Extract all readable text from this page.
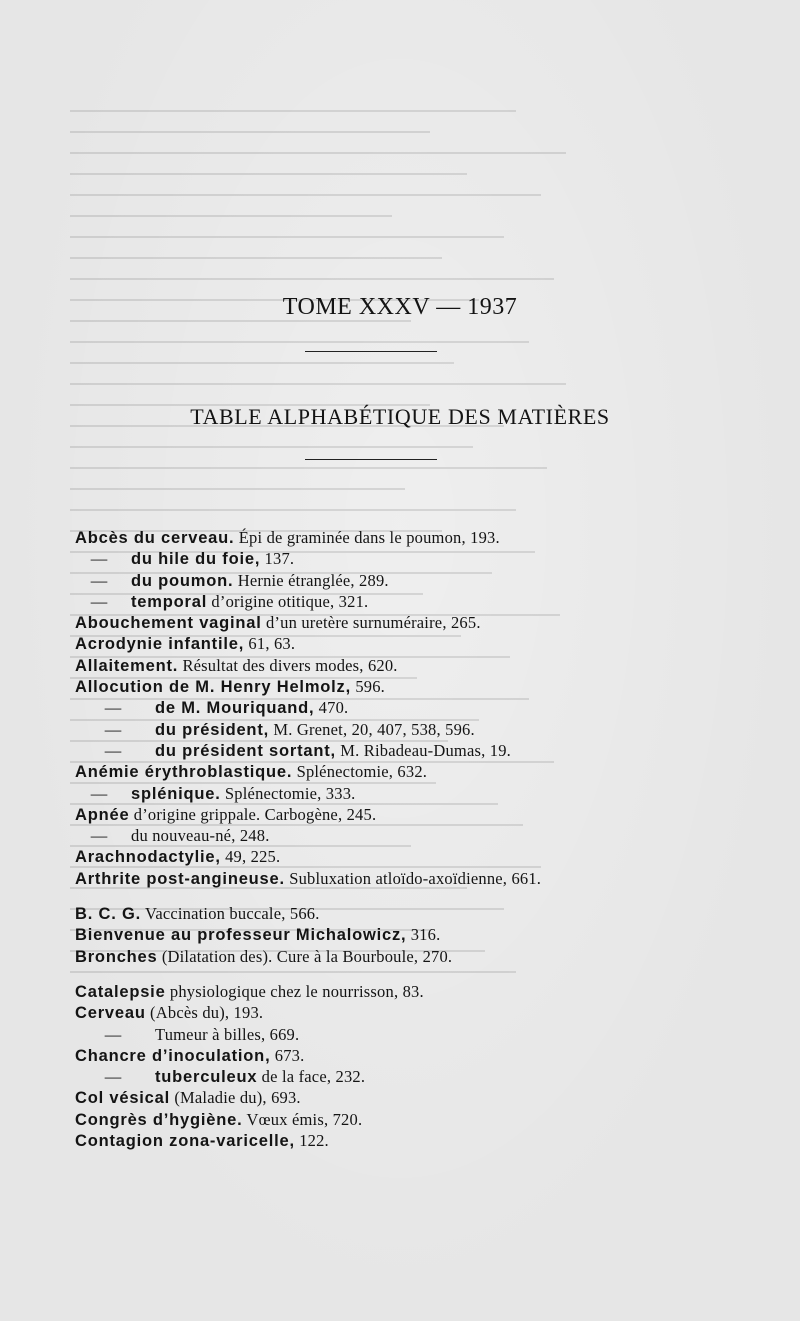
TOME XXXV — 1937
TABLE ALPHABÉTIQUE DES MATIÈRES
Abcès du cerveau. Épi de graminée dans le poumon, 193.
— du hile du foie, 137.
— du poumon. Hernie étranglée, 289.
— temporal d’origine otitique, 321.
Abouchement vaginal d’un uretère surnuméraire, 265.
Acrodynie infantile, 61, 63.
Allaitement. Résultat des divers modes, 620.
Allocution de M. Henry Helmolz, 596.
— de M. Mouriquand, 470.
— du président, M. Grenet, 20, 407, 538, 596.
— du président sortant, M. Ribadeau-Dumas, 19.
Anémie érythroblastique. Splénectomie, 632.
— splénique. Splénectomie, 333.
Apnée d’origine grippale. Carbogène, 245.
— du nouveau-né, 248.
Arachnodactylie, 49, 225.
Arthrite post-angineuse. Subluxation atloïdo-axoïdienne, 661.
B. C. G. Vaccination buccale, 566.
Bienvenue au professeur Michalowicz, 316.
Bronches (Dilatation des). Cure à la Bourboule, 270.
Catalepsie physiologique chez le nourrisson, 83.
Cerveau (Abcès du), 193.
— Tumeur à billes, 669.
Chancre d’inoculation, 673.
— tuberculeux de la face, 232.
Col vésical (Maladie du), 693.
Congrès d’hygiène. Vœux émis, 720.
Contagion zona-varicelle, 122.
